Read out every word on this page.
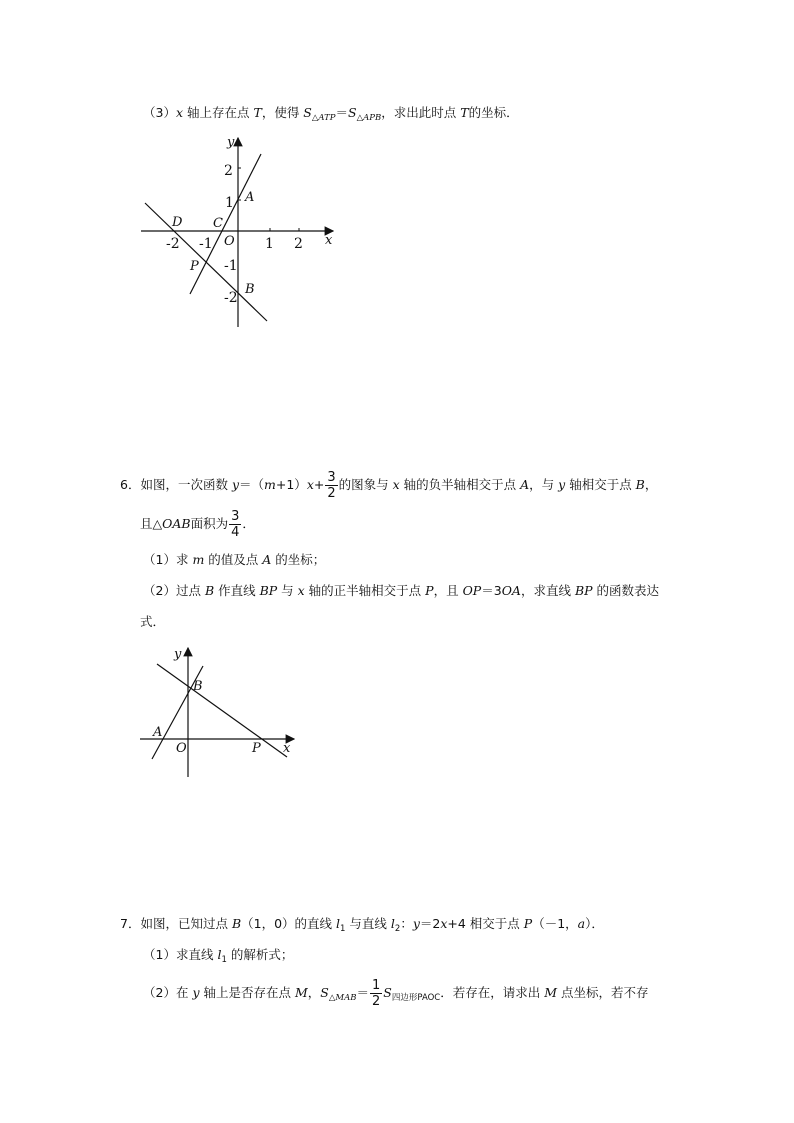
（3）x 轴上存在点 T，使得 $S_{\triangle ATP}=S_{\triangle APB}$，求出此时点 T的坐标．
y
x
2
1
-1
-2
-2 -1	1 2
O
A
B
C
D
P
6．如图，一次函数 $y=(m+1)x+ \frac{3}{2}$ 的图象与 x 轴的负半轴相交于点 A，与 y 轴相交于点 B，
且△OAB面积为 $\frac{3}{4}$ ．
（1）求 m 的值及点 A 的坐标；
（2）过点 B 作直线 BP 与 x 轴的正半轴相交于点 P，且 OP＝3OA，求直线 BP 的函数表达
式．
y
x
O
A
B
P
7．如图，已知过点 B（1，0）的直线 $l_1$ 与直线 $l_2$：y＝2x+4 相交于点 P（－1，a）．
（1）求直线 $l_1$ 的解析式；
（2）在 y 轴上是否存在点 M，$S_{\triangle MAB}= \frac{1}{2} S_{四边形PAOC}$．若存在，请求出 M 点坐标，若不存
